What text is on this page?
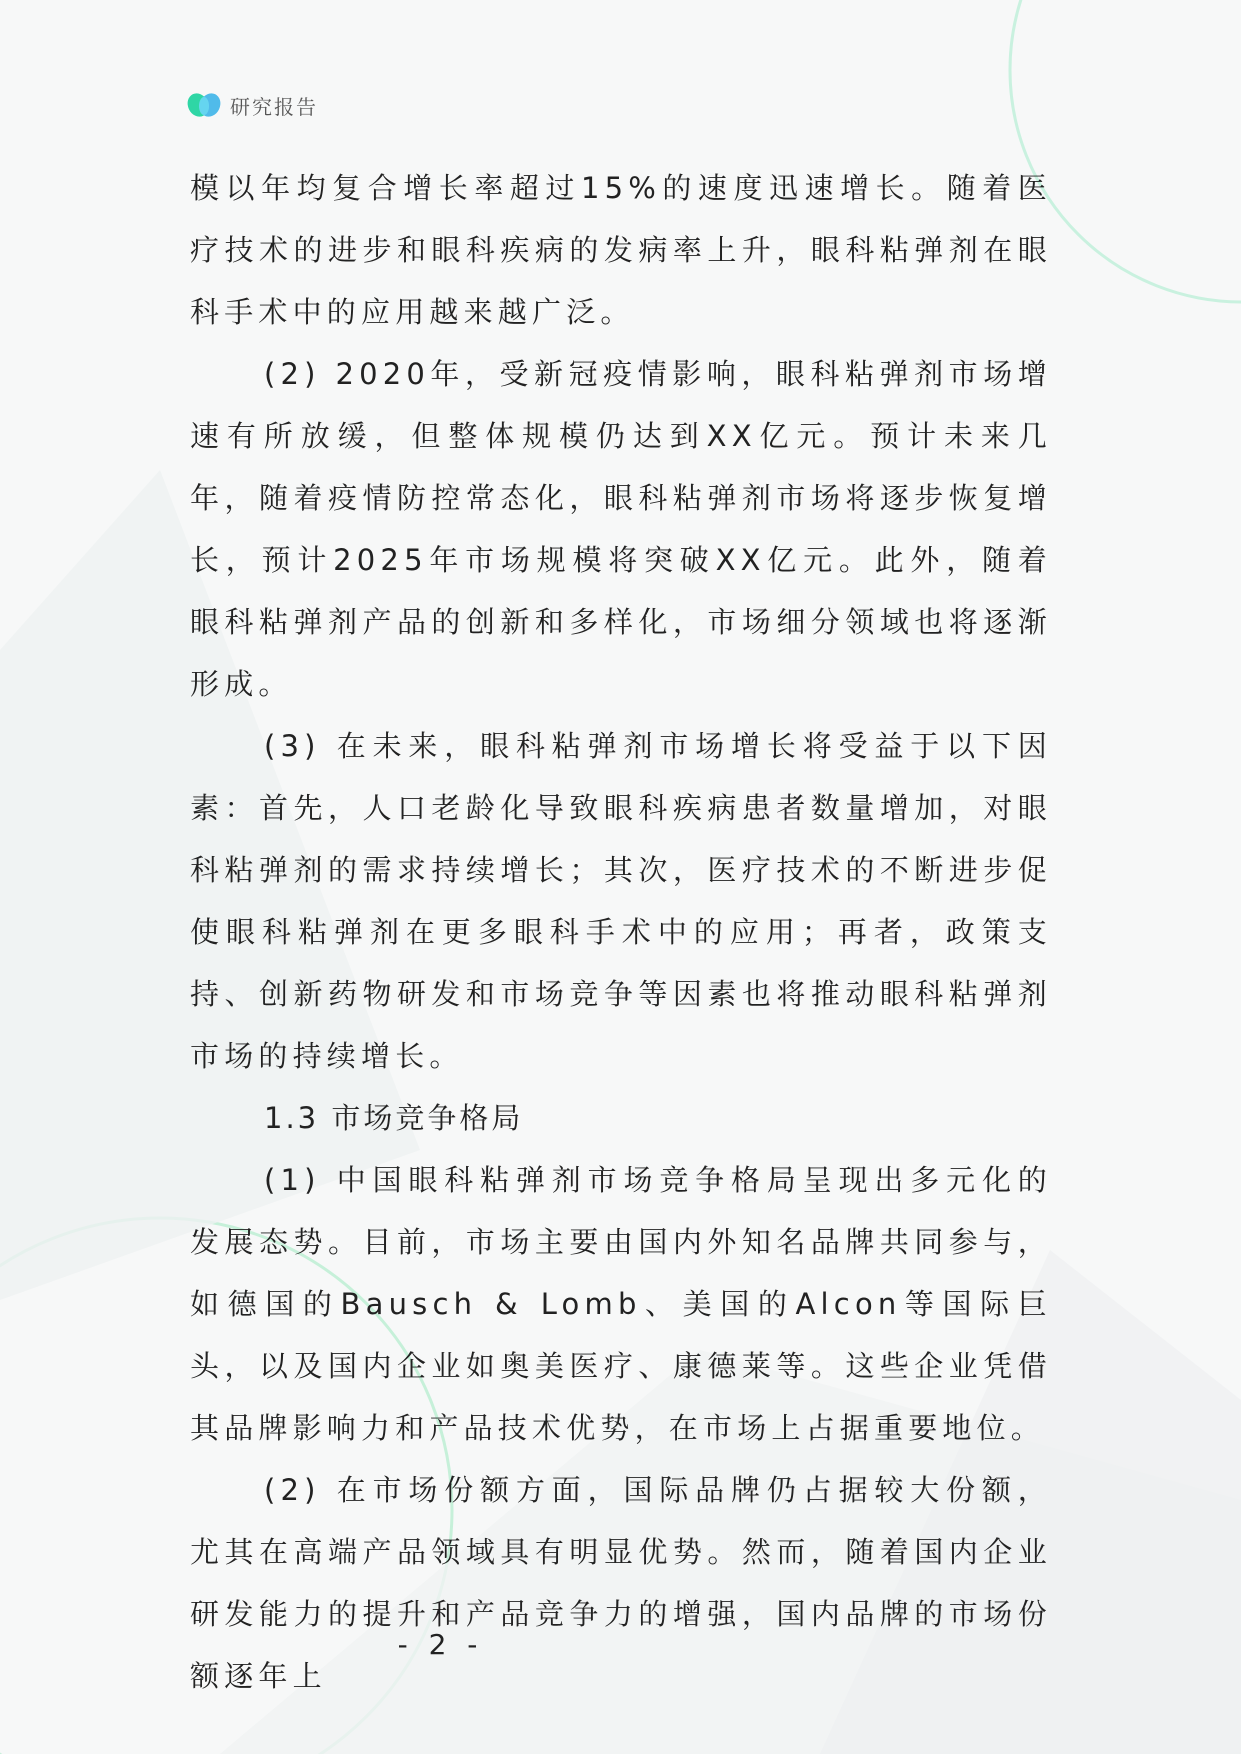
研究报告

模以年均复合增长率超过15%的速度迅速增长。随着医疗技术的进步和眼科疾病的发病率上升，眼科粘弹剂在眼科手术中的应用越来越广泛。

(2) 2020年，受新冠疫情影响，眼科粘弹剂市场增速有所放缓，但整体规模仍达到XX亿元。预计未来几年，随着疫情防控常态化，眼科粘弹剂市场将逐步恢复增长，预计2025年市场规模将突破XX亿元。此外，随着眼科粘弹剂产品的创新和多样化，市场细分领域也将逐渐形成。

(3) 在未来，眼科粘弹剂市场增长将受益于以下因素：首先，人口老龄化导致眼科疾病患者数量增加，对眼科粘弹剂的需求持续增长；其次，医疗技术的不断进步促使眼科粘弹剂在更多眼科手术中的应用；再者，政策支持、创新药物研发和市场竞争等因素也将推动眼科粘弹剂市场的持续增长。

1.3 市场竞争格局

(1) 中国眼科粘弹剂市场竞争格局呈现出多元化的发展态势。目前，市场主要由国内外知名品牌共同参与，如德国的Bausch & Lomb、美国的Alcon等国际巨头，以及国内企业如奥美医疗、康德莱等。这些企业凭借其品牌影响力和产品技术优势，在市场上占据重要地位。

(2) 在市场份额方面，国际品牌仍占据较大份额，尤其在高端产品领域具有明显优势。然而，随着国内企业研发能力的提升和产品竞争力的增强，国内品牌的市场份额逐年上

- 2 -
